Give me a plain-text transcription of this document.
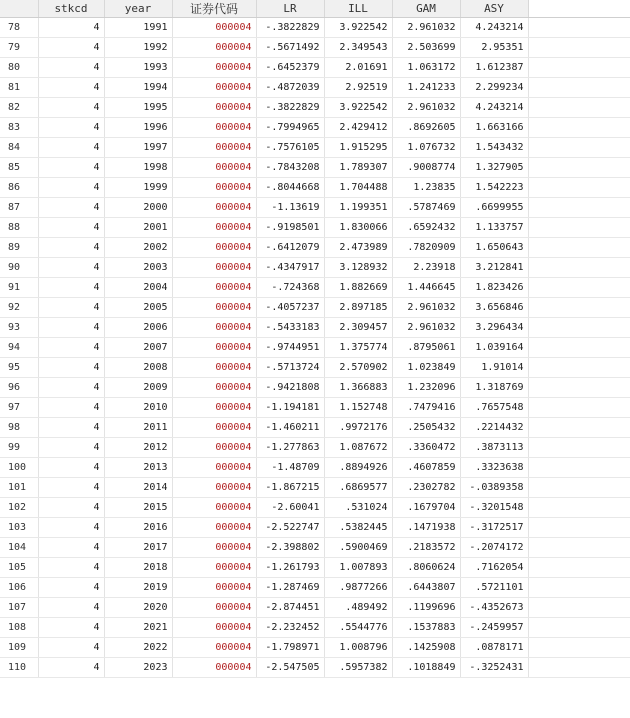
	stkcd	year	证券代码	LR	ILL	GAM	ASY	
78	4	1991	000004	-.3822829	3.922542	2.961032	4.243214	
79	4	1992	000004	-.5671492	2.349543	2.503699	2.95351	
80	4	1993	000004	-.6452379	2.01691	1.063172	1.612387	
81	4	1994	000004	-.4872039	2.92519	1.241233	2.299234	
82	4	1995	000004	-.3822829	3.922542	2.961032	4.243214	
83	4	1996	000004	-.7994965	2.429412	.8692605	1.663166	
84	4	1997	000004	-.7576105	1.915295	1.076732	1.543432	
85	4	1998	000004	-.7843208	1.789307	.9008774	1.327905	
86	4	1999	000004	-.8044668	1.704488	1.23835	1.542223	
87	4	2000	000004	-1.13619	1.199351	.5787469	.6699955	
88	4	2001	000004	-.9198501	1.830066	.6592432	1.133757	
89	4	2002	000004	-.6412079	2.473989	.7820909	1.650643	
90	4	2003	000004	-.4347917	3.128932	2.23918	3.212841	
91	4	2004	000004	-.724368	1.882669	1.446645	1.823426	
92	4	2005	000004	-.4057237	2.897185	2.961032	3.656846	
93	4	2006	000004	-.5433183	2.309457	2.961032	3.296434	
94	4	2007	000004	-.9744951	1.375774	.8795061	1.039164	
95	4	2008	000004	-.5713724	2.570902	1.023849	1.91014	
96	4	2009	000004	-.9421808	1.366883	1.232096	1.318769	
97	4	2010	000004	-1.194181	1.152748	.7479416	.7657548	
98	4	2011	000004	-1.460211	.9972176	.2505432	.2214432	
99	4	2012	000004	-1.277863	1.087672	.3360472	.3873113	
100	4	2013	000004	-1.48709	.8894926	.4607859	.3323638	
101	4	2014	000004	-1.867215	.6869577	.2302782	-.0389358	
102	4	2015	000004	-2.60041	.531024	.1679704	-.3201548	
103	4	2016	000004	-2.522747	.5382445	.1471938	-.3172517	
104	4	2017	000004	-2.398802	.5900469	.2183572	-.2074172	
105	4	2018	000004	-1.261793	1.007893	.8060624	.7162054	
106	4	2019	000004	-1.287469	.9877266	.6443807	.5721101	
107	4	2020	000004	-2.874451	.489492	.1199696	-.4352673	
108	4	2021	000004	-2.232452	.5544776	.1537883	-.2459957	
109	4	2022	000004	-1.798971	1.008796	.1425908	.0878171	
110	4	2023	000004	-2.547505	.5957382	.1018849	-.3252431	
